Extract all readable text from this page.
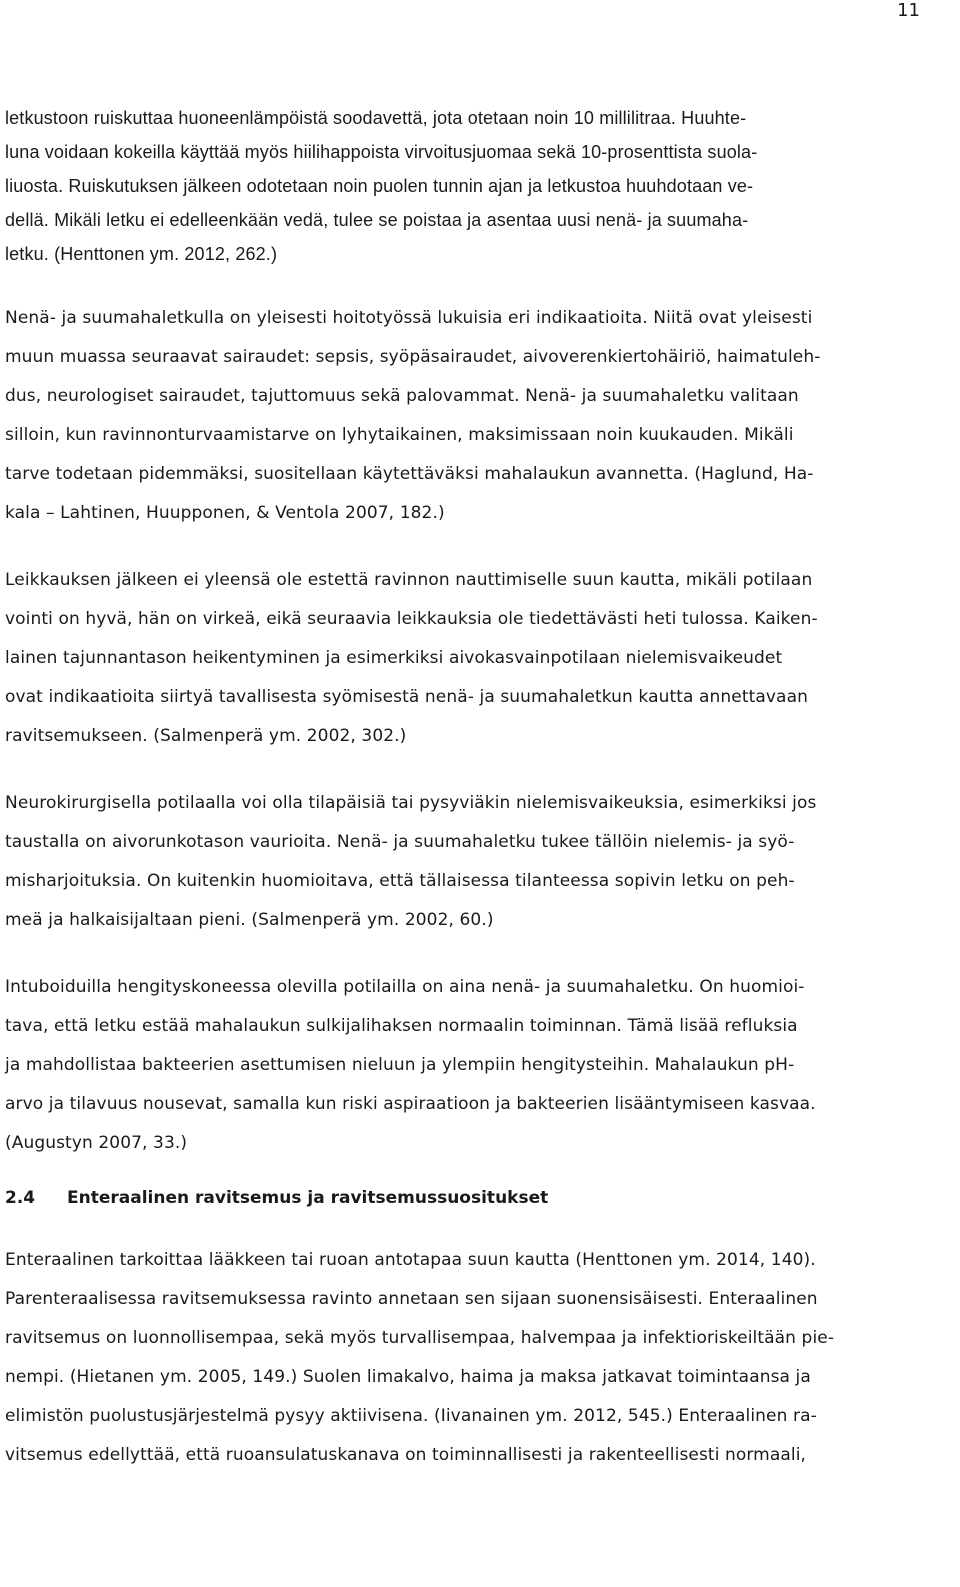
11

letkustoon ruiskuttaa huoneenlämpöistä soodavettä, jota otetaan noin 10 millilitraa. Huuhte-
luna voidaan kokeilla käyttää myös hiilihappoista virvoitusjuomaa sekä 10-prosenttista suola-
liuosta. Ruiskutuksen jälkeen odotetaan noin puolen tunnin ajan ja letkustoa huuhdotaan ve-
dellä. Mikäli letku ei edelleenkään vedä, tulee se poistaa ja asentaa uusi nenä- ja suumaha-
letku. (Henttonen ym. 2012, 262.)

Nenä- ja suumahaletkulla on yleisesti hoitotyössä lukuisia eri indikaatioita. Niitä ovat yleisesti
muun muassa seuraavat sairaudet: sepsis, syöpäsairaudet, aivoverenkiertohäiriö, haimatuleh-
dus, neurologiset sairaudet, tajuttomuus sekä palovammat. Nenä- ja suumahaletku valitaan
silloin, kun ravinnonturvaamistarve on lyhytaikainen, maksimissaan noin kuukauden. Mikäli
tarve todetaan pidemmäksi, suositellaan käytettäväksi mahalaukun avannetta. (Haglund, Ha-
kala – Lahtinen, Huupponen, & Ventola 2007, 182.)

Leikkauksen jälkeen ei yleensä ole estettä ravinnon nauttimiselle suun kautta, mikäli potilaan
vointi on hyvä, hän on virkeä, eikä seuraavia leikkauksia ole tiedettävästi heti tulossa. Kaiken-
lainen tajunnantason heikentyminen ja esimerkiksi aivokasvainpotilaan nielemisvaikeudet
ovat indikaatioita siirtyä tavallisesta syömisestä nenä- ja suumahaletkun kautta annettavaan
ravitsemukseen. (Salmenperä ym. 2002, 302.)

Neurokirurgisella potilaalla voi olla tilapäisiä tai pysyviäkin nielemisvaikeuksia, esimerkiksi jos
taustalla on aivorunkotason vaurioita. Nenä- ja suumahaletku tukee tällöin nielemis- ja syö-
misharjoituksia. On kuitenkin huomioitava, että tällaisessa tilanteessa sopivin letku on peh-
meä ja halkaisijaltaan pieni. (Salmenperä ym. 2002, 60.)

Intuboiduilla hengityskoneessa olevilla potilailla on aina nenä- ja suumahaletku. On huomioi-
tava, että letku estää mahalaukun sulkijalihaksen normaalin toiminnan. Tämä lisää refluksia
ja mahdollistaa bakteerien asettumisen nieluun ja ylempiin hengitysteihin. Mahalaukun pH-
arvo ja tilavuus nousevat, samalla kun riski aspiraatioon ja bakteerien lisääntymiseen kasvaa.
(Augustyn 2007, 33.)

2.4 Enteraalinen ravitsemus ja ravitsemussuositukset

Enteraalinen tarkoittaa lääkkeen tai ruoan antotapaa suun kautta (Henttonen ym. 2014, 140).
Parenteraalisessa ravitsemuksessa ravinto annetaan sen sijaan suonensisäisesti. Enteraalinen
ravitsemus on luonnollisempaa, sekä myös turvallisempaa, halvempaa ja infektioriskeiltään pie-
nempi. (Hietanen ym. 2005, 149.) Suolen limakalvo, haima ja maksa jatkavat toimintaansa ja
elimistön puolustusjärjestelmä pysyy aktiivisena. (Iivanainen ym. 2012, 545.) Enteraalinen ra-
vitsemus edellyttää, että ruoansulatuskanava on toiminnallisesti ja rakenteellisesti normaali,
